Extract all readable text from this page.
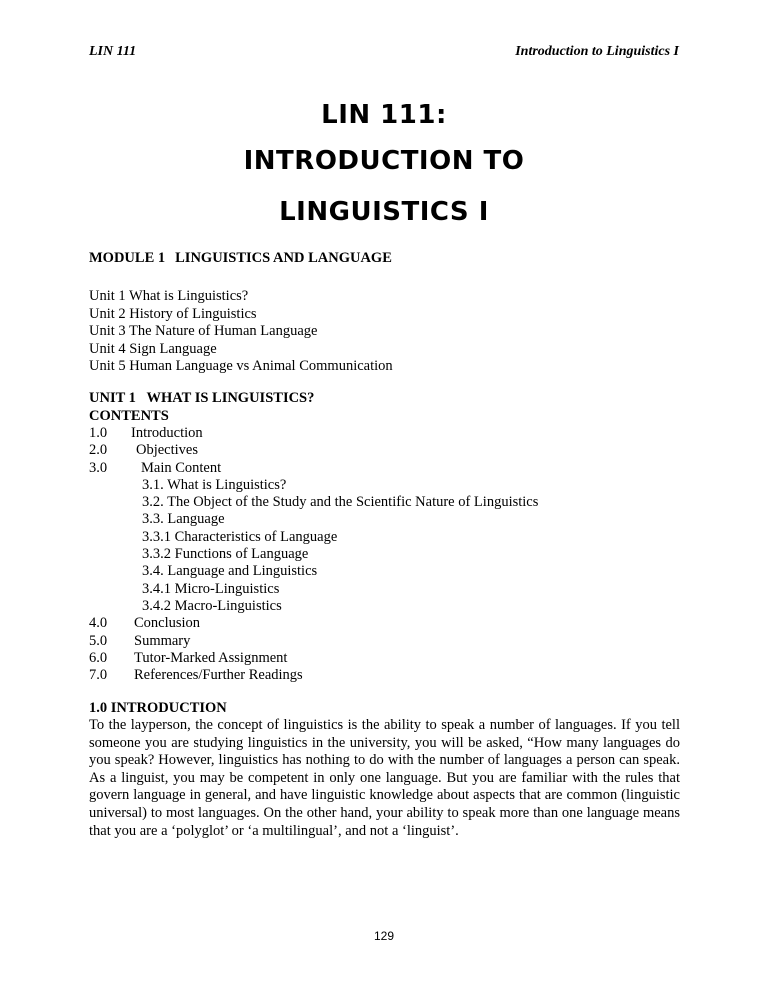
LIN 111	Introduction to Linguistics I
LIN 111:
INTRODUCTION TO
LINGUISTICS I
MODULE 1 LINGUISTICS AND LANGUAGE
Unit 1 What is Linguistics?
Unit 2 History of Linguistics
Unit 3 The Nature of Human Language
Unit 4 Sign Language
Unit 5 Human Language vs Animal Communication
UNIT 1   WHAT IS LINGUISTICS?
CONTENTS
1.0 Introduction
2.0 Objectives
3.0 Main Content
3.1. What is Linguistics?
3.2. The Object of the Study and the Scientific Nature of Linguistics
3.3. Language
3.3.1 Characteristics of Language
3.3.2 Functions of Language
3.4. Language and Linguistics
3.4.1 Micro-Linguistics
3.4.2 Macro-Linguistics
4.0 Conclusion
5.0 Summary
6.0 Tutor-Marked Assignment
7.0 References/Further Readings
1.0 INTRODUCTION
To the layperson, the concept of linguistics is the ability to speak a number of languages. If you tell someone you are studying linguistics in the university, you will be asked, “How many languages do you speak? However, linguistics has nothing to do with the number of languages a person can speak. As a linguist, you may be competent in only one language. But you are familiar with the rules that govern language in general, and have linguistic knowledge about aspects that are common (linguistic universal) to most languages. On the other hand, your ability to speak more than one language means that you are a ‘polyglot’ or ‘a multilingual’, and not a ‘linguist’.
129
